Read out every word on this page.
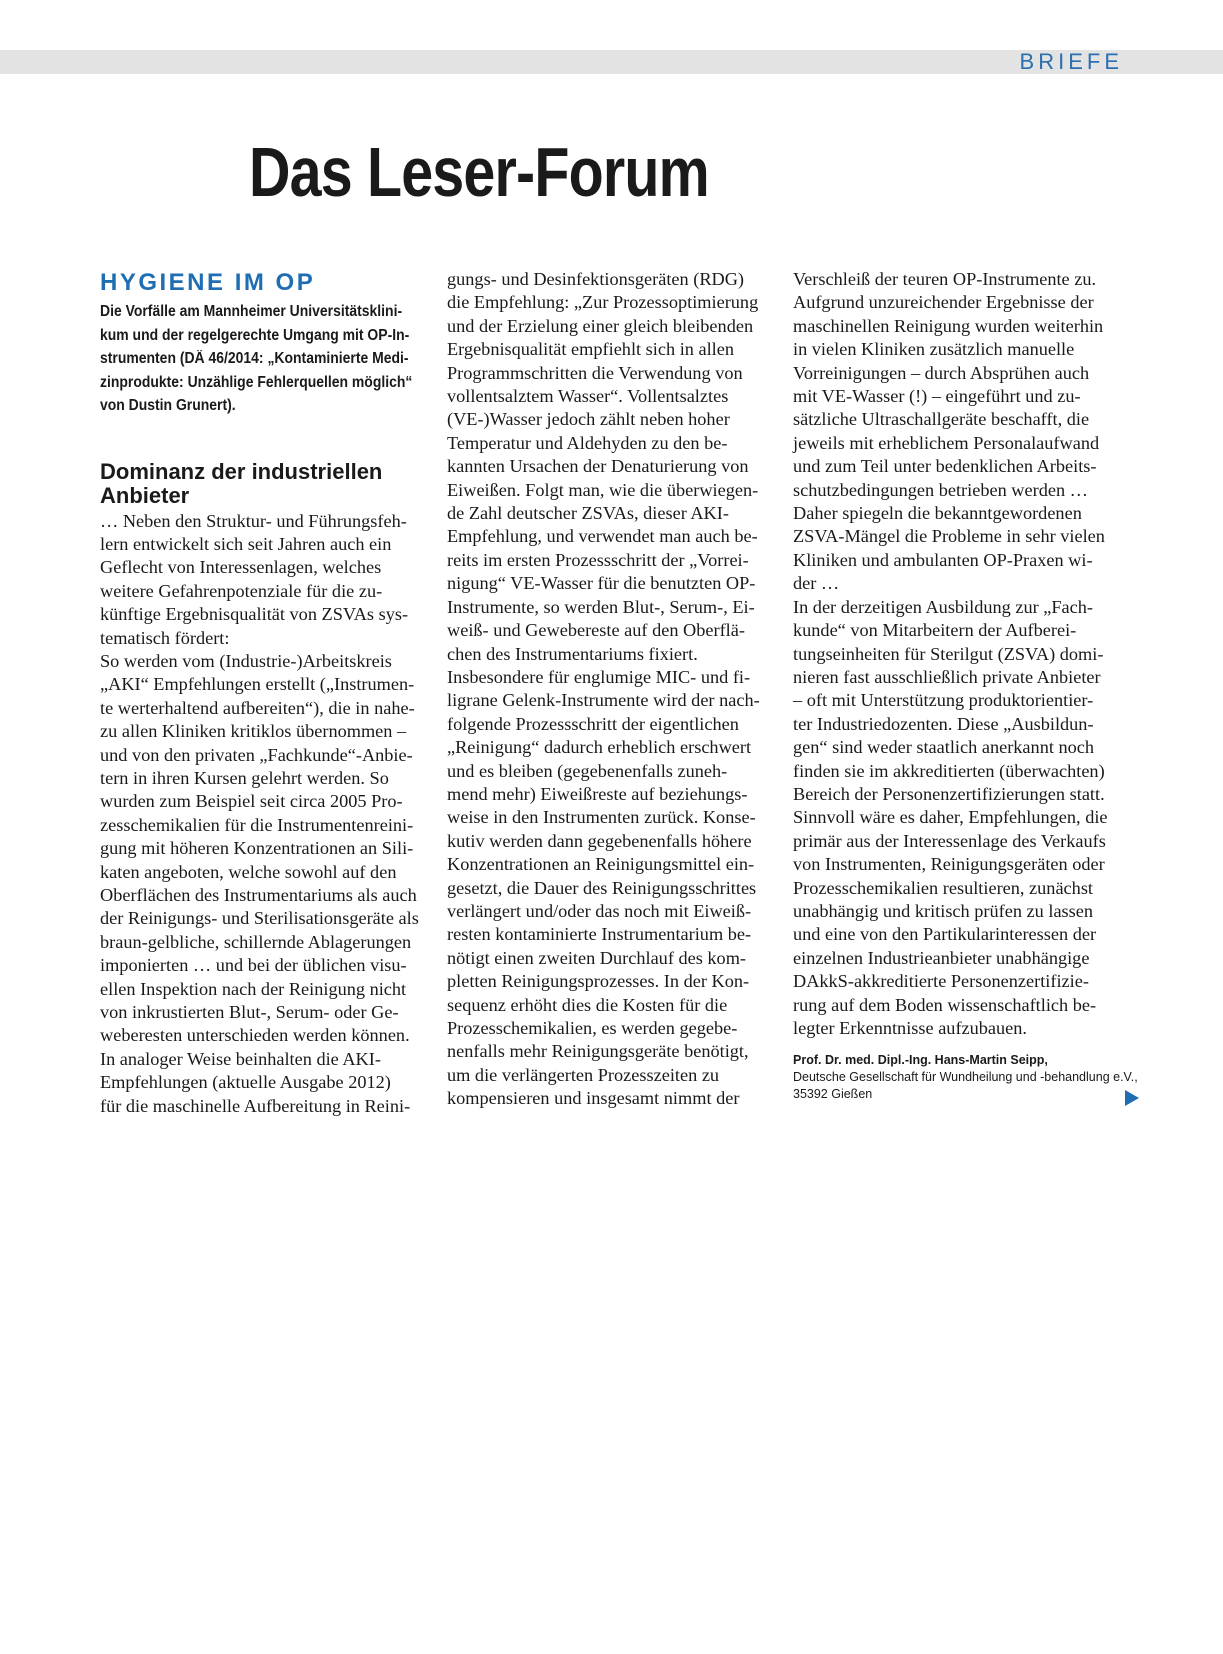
BRIEFE
Das Leser-Forum
HYGIENE IM OP

Die Vorfälle am Mannheimer Universitätsklini-

kum und der regelgerechte Umgang mit OP-In-

strumenten (DÄ 46/2014: „Kontaminierte Medi-

zinprodukte: Unzählige Fehlerquellen möglich“

von Dustin Grunert).

Dominanz der industriellen
Anbieter
… Neben den Struktur- und Führungsfeh-
lern entwickelt sich seit Jahren auch ein
Geflecht von Interessenlagen, welches
weitere Gefahrenpotenziale für die zu-
künftige Ergebnisqualität von ZSVAs sys-
tematisch fördert:
So werden vom (Industrie-)Arbeitskreis
„AKI“ Empfehlungen erstellt („Instrumen-
te werterhaltend aufbereiten“), die in nahe-
zu allen Kliniken kritiklos übernommen –
und von den privaten „Fachkunde“-Anbie-
tern in ihren Kursen gelehrt werden. So
wurden zum Beispiel seit circa 2005 Pro-
zesschemikalien für die Instrumentenreini-
gung mit höheren Konzentrationen an Sili-
katen angeboten, welche sowohl auf den
Oberflächen des Instrumentariums als auch
der Reinigungs- und Sterilisationsgeräte als
braun-gelbliche, schillernde Ablagerungen
imponierten … und bei der üblichen visu-
ellen Inspektion nach der Reinigung nicht
von inkrustierten Blut-, Serum- oder Ge-
weberesten unterschieden werden können.
In analoger Weise beinhalten die AKI-
Empfehlungen (aktuelle Ausgabe 2012)
für die maschinelle Aufbereitung in Reini-
gungs- und Desinfektionsgeräten (RDG)
die Empfehlung: „Zur Prozessoptimierung
und der Erzielung einer gleich bleibenden
Ergebnisqualität empfiehlt sich in allen
Programmschritten die Verwendung von
vollentsalztem Wasser“. Vollentsalztes
(VE-)Wasser jedoch zählt neben hoher
Temperatur und Aldehyden zu den be-
kannten Ursachen der Denaturierung von
Eiweißen. Folgt man, wie die überwiegen-
de Zahl deutscher ZSVAs, dieser AKI-
Empfehlung, und verwendet man auch be-
reits im ersten Prozessschritt der „Vorrei-
nigung“ VE-Wasser für die benutzten OP-
Instrumente, so werden Blut-, Serum-, Ei-
weiß- und Gewebereste auf den Oberflä-
chen des Instrumentariums fixiert.
Insbesondere für englumige MIC- und fi-
ligrane Gelenk-Instrumente wird der nach-
folgende Prozessschritt der eigentlichen
„Reinigung“ dadurch erheblich erschwert
und es bleiben (gegebenenfalls zuneh-
mend mehr) Eiweißreste auf beziehungs-
weise in den Instrumenten zurück. Konse-
kutiv werden dann gegebenenfalls höhere
Konzentrationen an Reinigungsmittel ein-
gesetzt, die Dauer des Reinigungsschrittes
verlängert und/oder das noch mit Eiweiß-
resten kontaminierte Instrumentarium be-
nötigt einen zweiten Durchlauf des kom-
pletten Reinigungsprozesses. In der Kon-
sequenz erhöht dies die Kosten für die
Prozesschemikalien, es werden gegebe-
nenfalls mehr Reinigungsgeräte benötigt,
um die verlängerten Prozesszeiten zu
kompensieren und insgesamt nimmt der
Verschleiß der teuren OP-Instrumente zu.
Aufgrund unzureichender Ergebnisse der
maschinellen Reinigung wurden weiterhin
in vielen Kliniken zusätzlich manuelle
Vorreinigungen – durch Absprühen auch
mit VE-Wasser (!) – eingeführt und zu-
sätzliche Ultraschallgeräte beschafft, die
jeweils mit erheblichem Personalaufwand
und zum Teil unter bedenklichen Arbeits-
schutzbedingungen betrieben werden …
Daher spiegeln die bekanntgewordenen
ZSVA-Mängel die Probleme in sehr vielen
Kliniken und ambulanten OP-Praxen wi-
der …
In der derzeitigen Ausbildung zur „Fach-
kunde“ von Mitarbeitern der Aufberei-
tungseinheiten für Sterilgut (ZSVA) domi-
nieren fast ausschließlich private Anbieter
– oft mit Unterstützung produktorientier-
ter Industriedozenten. Diese „Ausbildun-
gen“ sind weder staatlich anerkannt noch
finden sie im akkreditierten (überwachten)
Bereich der Personenzertifizierungen statt.
Sinnvoll wäre es daher, Empfehlungen, die
primär aus der Interessenlage des Verkaufs
von Instrumenten, Reinigungsgeräten oder
Prozesschemikalien resultieren, zunächst
unabhängig und kritisch prüfen zu lassen
und eine von den Partikularinteressen der
einzelnen Industrieanbieter unabhängige
DAkkS-akkreditierte Personenzertifizie-
rung auf dem Boden wissenschaftlich be-
legter Erkenntnisse aufzubauen.
Prof. Dr. med. Dipl.-Ing. Hans-Martin Seipp,
Deutsche Gesellschaft für Wundheilung und -behandlung e.V.,
35392 Gießen
